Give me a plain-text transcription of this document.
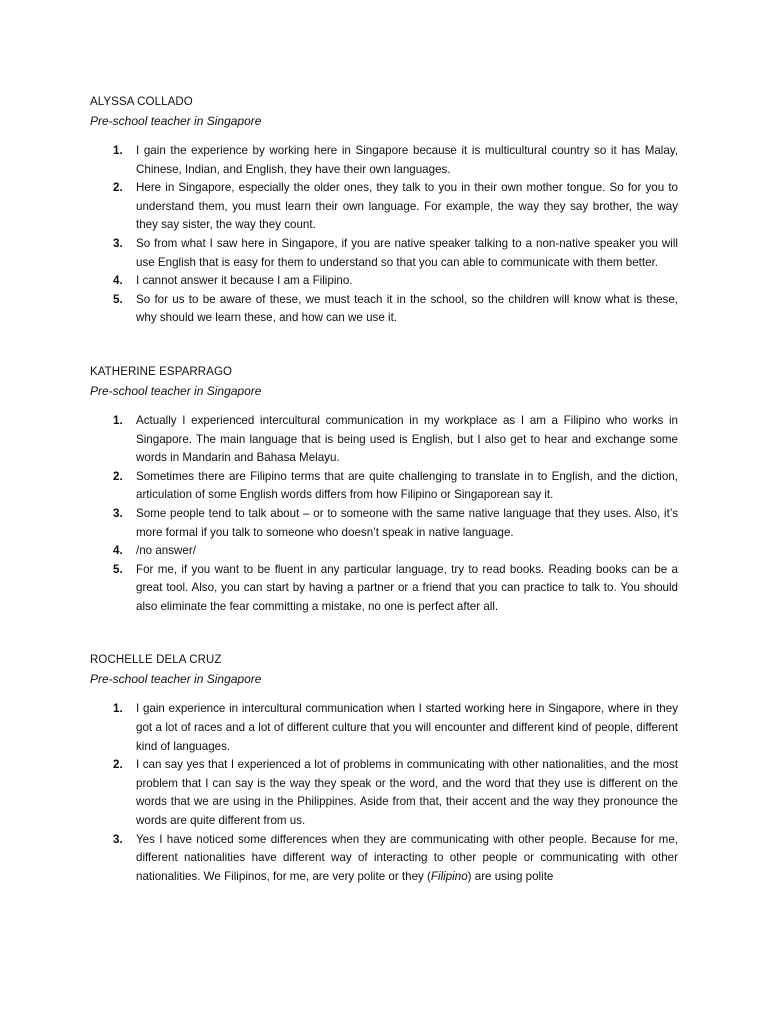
ALYSSA COLLADO

Pre-school teacher in Singapore

1. I gain the experience by working here in Singapore because it is multicultural country so it has Malay, Chinese, Indian, and English, they have their own languages.
2. Here in Singapore, especially the older ones, they talk to you in their own mother tongue. So for you to understand them, you must learn their own language. For example, the way they say brother, the way they say sister, the way they count.
3. So from what I saw here in Singapore, if you are native speaker talking to a non-native speaker you will use English that is easy for them to understand so that you can able to communicate with them better.
4. I cannot answer it because I am a Filipino.
5. So for us to be aware of these, we must teach it in the school, so the children will know what is these, why should we learn these, and how can we use it.

KATHERINE ESPARRAGO

Pre-school teacher in Singapore

1. Actually I experienced intercultural communication in my workplace as I am a Filipino who works in Singapore. The main language that is being used is English, but I also get to hear and exchange some words in Mandarin and Bahasa Melayu.
2. Sometimes there are Filipino terms that are quite challenging to translate in to English, and the diction, articulation of some English words differs from how Filipino or Singaporean say it.
3. Some people tend to talk about – or to someone with the same native language that they uses. Also, it’s more formal if you talk to someone who doesn’t speak in native language.
4. /no answer/
5. For me, if you want to be fluent in any particular language, try to read books. Reading books can be a great tool. Also, you can start by having a partner or a friend that you can practice to talk to. You should also eliminate the fear committing a mistake, no one is perfect after all.

ROCHELLE DELA CRUZ

Pre-school teacher in Singapore

1. I gain experience in intercultural communication when I started working here in Singapore, where in they got a lot of races and a lot of different culture that you will encounter and different kind of people, different kind of languages.
2. I can say yes that I experienced a lot of problems in communicating with other nationalities, and the most problem that I can say is the way they speak or the word, and the word that they use is different on the words that we are using in the Philippines. Aside from that, their accent and the way they pronounce the words are quite different from us.
3. Yes I have noticed some differences when they are communicating with other people. Because for me, different nationalities have different way of interacting to other people or communicating with other nationalities. We Filipinos, for me, are very polite or they (Filipino) are using polite
